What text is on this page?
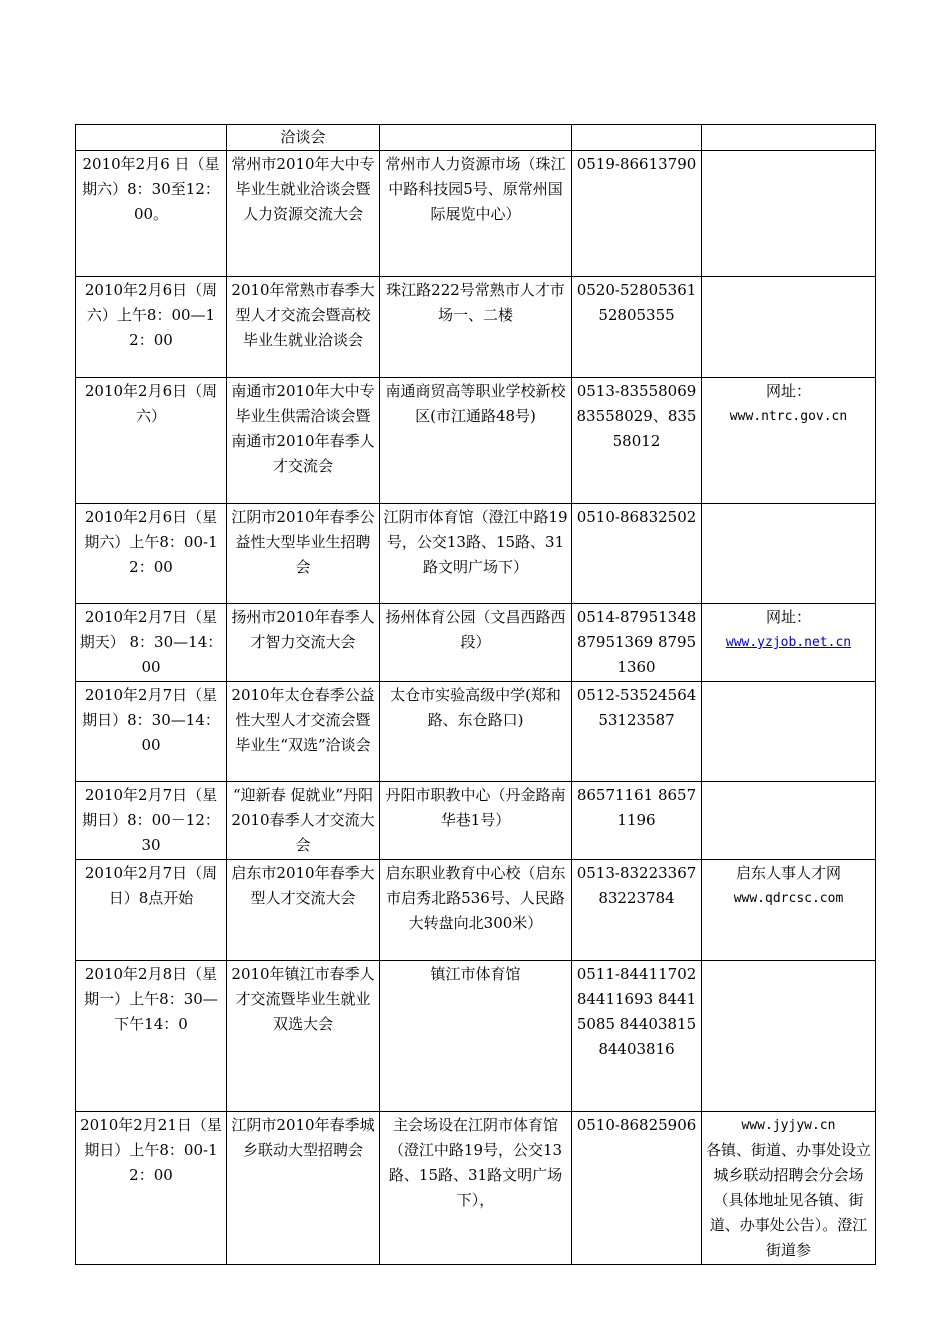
	洽谈会			
2010年2月6 日（星期六）8：30至12：00。	常州市2010年大中专毕业生就业洽谈会暨人力资源交流大会	常州市人力资源市场（珠江中路科技园5号、原常州国际展览中心）	0519-86613790	
2010年2月6日（周六）上午8：00—12：00	2010年常熟市春季大型人才交流会暨高校毕业生就业洽谈会	珠江路222号常熟市人才市场一、二楼	0520-52805361 52805355	
2010年2月6日（周六）	南通市2010年大中专毕业生供需洽谈会暨南通市2010年春季人才交流会	南通商贸高等职业学校新校区(市江通路48号)	0513-8355806983558029、83558012	网址：
www.ntrc.gov.cn

2010年2月6日（星期六）上午8：00-12：00	江阴市2010年春季公益性大型毕业生招聘会	江阴市体育馆（澄江中路19号，公交13路、15路、31路文明广场下）	0510-86832502	
2010年2月7日（星期天） 8：30—14：00	扬州市2010年春季人才智力交流大会	扬州体育公园（文昌西路西段）	0514-87951348 87951369 87951360	网址：
www.yzjob.net.cn

2010年2月7日（星期日）8：30—14：00	2010年太仓春季公益性大型人才交流会暨毕业生“双选”洽谈会	太仓市实验高级中学(郑和路、东仓路口)	0512-53524564 53123587	
2010年2月7日（星期日）8：00－12：30	“迎新春 促就业”丹阳2010春季人才交流大会	丹阳市职教中心（丹金路南华巷1号）	86571161 86571196	
2010年2月7日（周日）8点开始	启东市2010年春季大型人才交流大会	启东职业教育中心校（启东市启秀北路536号、人民路大转盘向北300米）	0513-8322336783223784	启东人事人才网
www.qdrcsc.com

2010年2月8日（星期一）上午8：30—下午14：0	2010年镇江市春季人才交流暨毕业生就业双选大会	镇江市体育馆	0511-8441170284411693 84415085 84403815 84403816	
2010年2月21日（星期日）上午8：00-12：00	江阴市2010年春季城乡联动大型招聘会	主会场设在江阴市体育馆（澄江中路19号，公交13路、15路、31路文明广场下），	0510-86825906	www.jyjyw.cn
各镇、街道、办事处设立城乡联动招聘会分会场（具体地址见各镇、街道、办事处公告）。澄江街道参
